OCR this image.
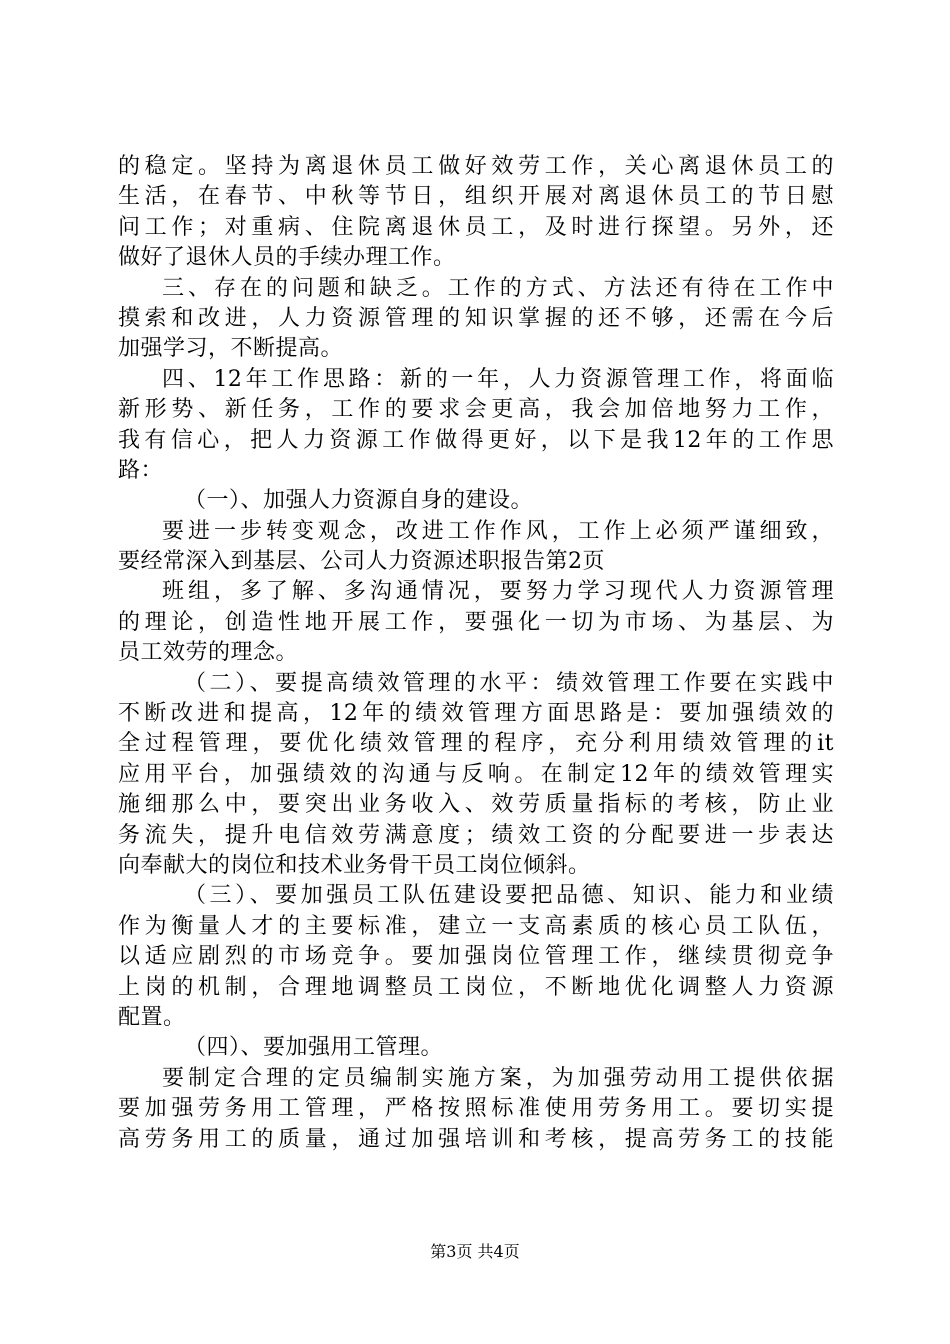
的稳定。坚持为离退休员工做好效劳工作，关心离退休员工的
生活，在春节、中秋等节日，组织开展对离退休员工的节日慰
问工作；对重病、住院离退休员工，及时进行探望。另外，还
做好了退休人员的手续办理工作。
三、存在的问题和缺乏。工作的方式、方法还有待在工作中
摸索和改进，人力资源管理的知识掌握的还不够，还需在今后
加强学习，不断提高。
四、12年工作思路：新的一年，人力资源管理工作，将面临
新形势、新任务，工作的要求会更高，我会加倍地努力工作，
我有信心，把人力资源工作做得更好，以下是我12年的工作思
路：
（一）、加强人力资源自身的建设。
要进一步转变观念，改进工作作风，工作上必须严谨细致，
要经常深入到基层、公司人力资源述职报告第2页
班组，多了解、多沟通情况，要努力学习现代人力资源管理
的理论，创造性地开展工作，要强化一切为市场、为基层、为
员工效劳的理念。
（二）、要提高绩效管理的水平：绩效管理工作要在实践中
不断改进和提高，12年的绩效管理方面思路是：要加强绩效的
全过程管理，要优化绩效管理的程序，充分利用绩效管理的it
应用平台，加强绩效的沟通与反响。在制定12年的绩效管理实
施细那么中，要突出业务收入、效劳质量指标的考核，防止业
务流失，提升电信效劳满意度；绩效工资的分配要进一步表达
向奉献大的岗位和技术业务骨干员工岗位倾斜。
（三）、要加强员工队伍建设要把品德、知识、能力和业绩
作为衡量人才的主要标准，建立一支高素质的核心员工队伍，
以适应剧烈的市场竞争。要加强岗位管理工作，继续贯彻竞争
上岗的机制，合理地调整员工岗位，不断地优化调整人力资源
配置。
（四）、要加强用工管理。
要制定合理的定员编制实施方案，为加强劳动用工提供依据
要加强劳务用工管理，严格按照标准使用劳务用工。要切实提
高劳务用工的质量，通过加强培训和考核，提高劳务工的技能
第3页 共4页
